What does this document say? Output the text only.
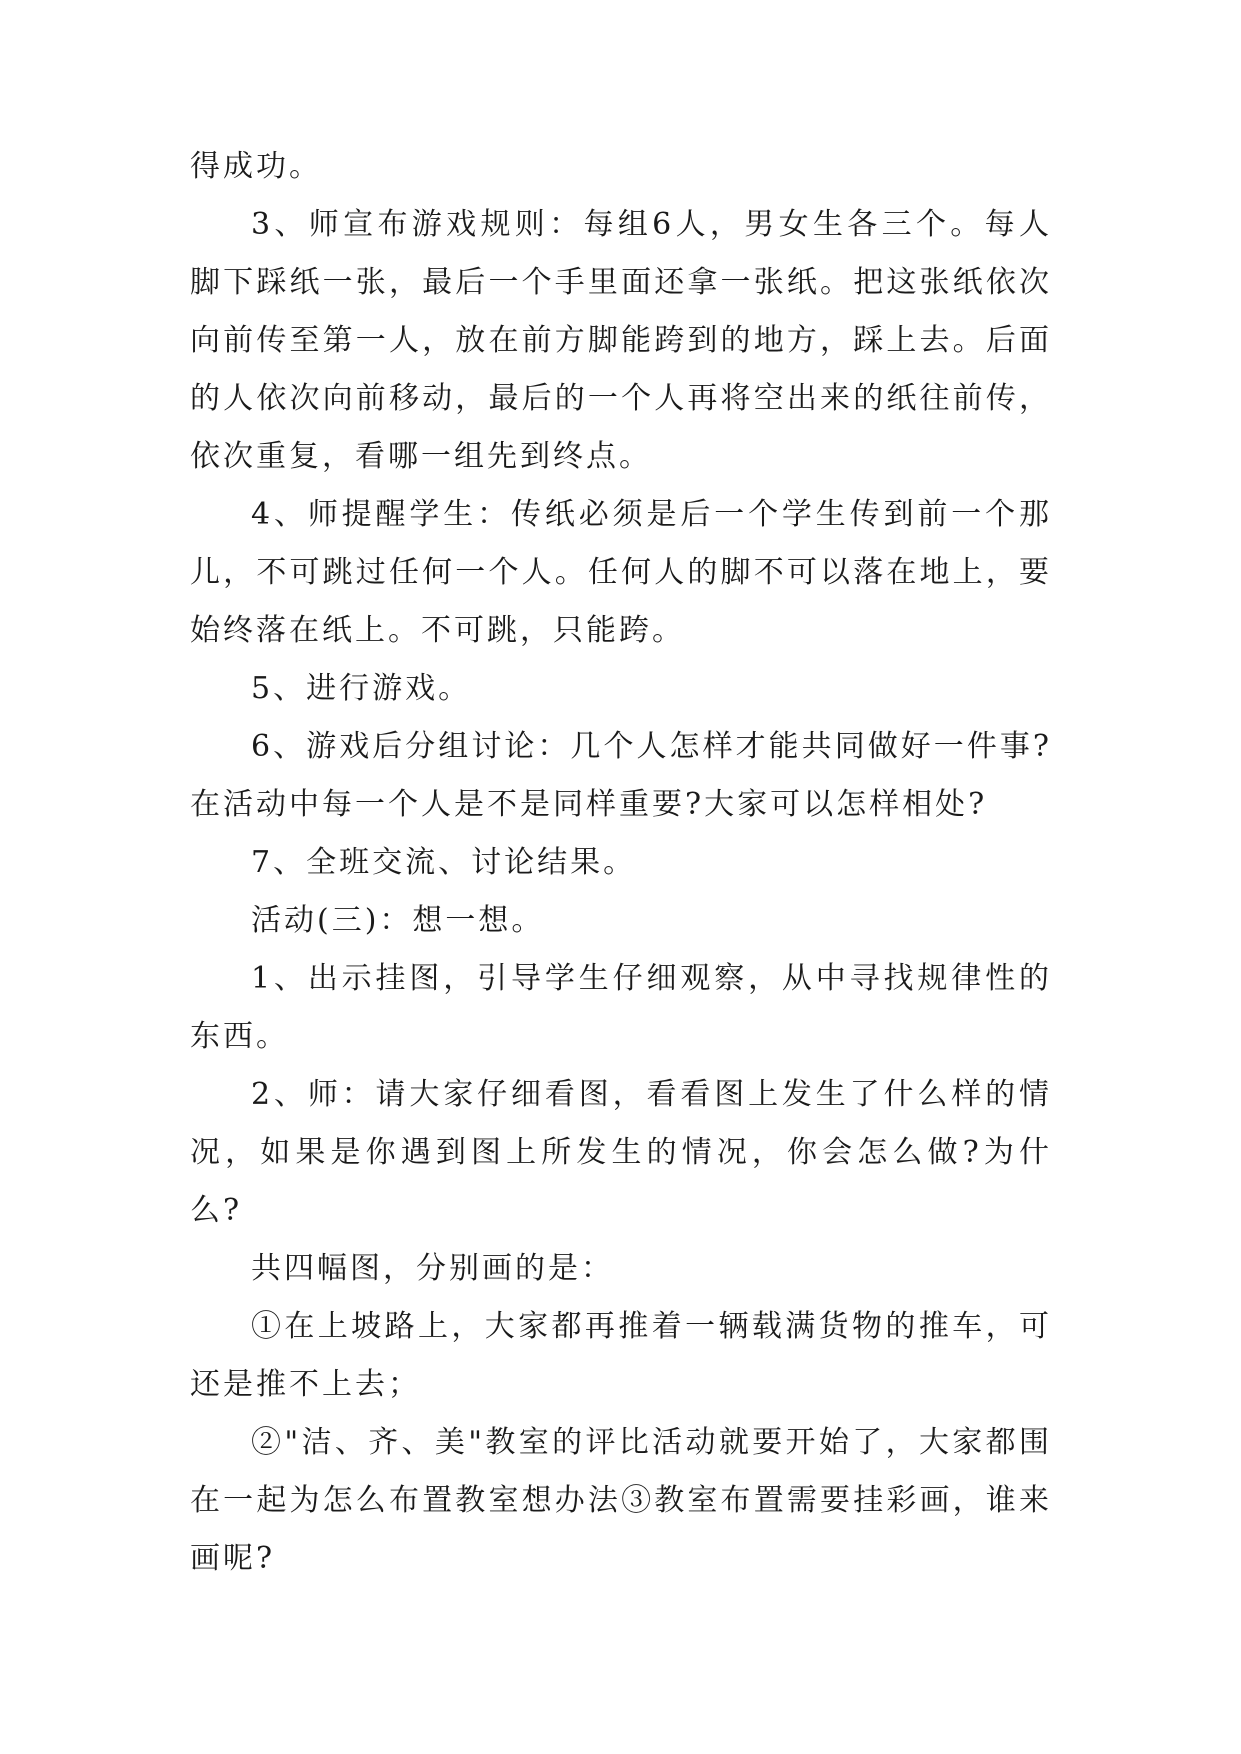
得成功。

3、师宣布游戏规则：每组6人，男女生各三个。每人脚下踩纸一张，最后一个手里面还拿一张纸。把这张纸依次向前传至第一人，放在前方脚能跨到的地方，踩上去。后面的人依次向前移动，最后的一个人再将空出来的纸往前传，依次重复，看哪一组先到终点。

4、师提醒学生：传纸必须是后一个学生传到前一个那儿，不可跳过任何一个人。任何人的脚不可以落在地上，要始终落在纸上。不可跳，只能跨。

5、进行游戏。

6、游戏后分组讨论：几个人怎样才能共同做好一件事?在活动中每一个人是不是同样重要?大家可以怎样相处?

7、全班交流、讨论结果。

活动(三)：想一想。

1、出示挂图，引导学生仔细观察，从中寻找规律性的东西。

2、师：请大家仔细看图，看看图上发生了什么样的情况，如果是你遇到图上所发生的情况，你会怎么做?为什么?

共四幅图，分别画的是：

①在上坡路上，大家都再推着一辆载满货物的推车，可还是推不上去；

②"洁、齐、美"教室的评比活动就要开始了，大家都围在一起为怎么布置教室想办法③教室布置需要挂彩画，谁来画呢?
